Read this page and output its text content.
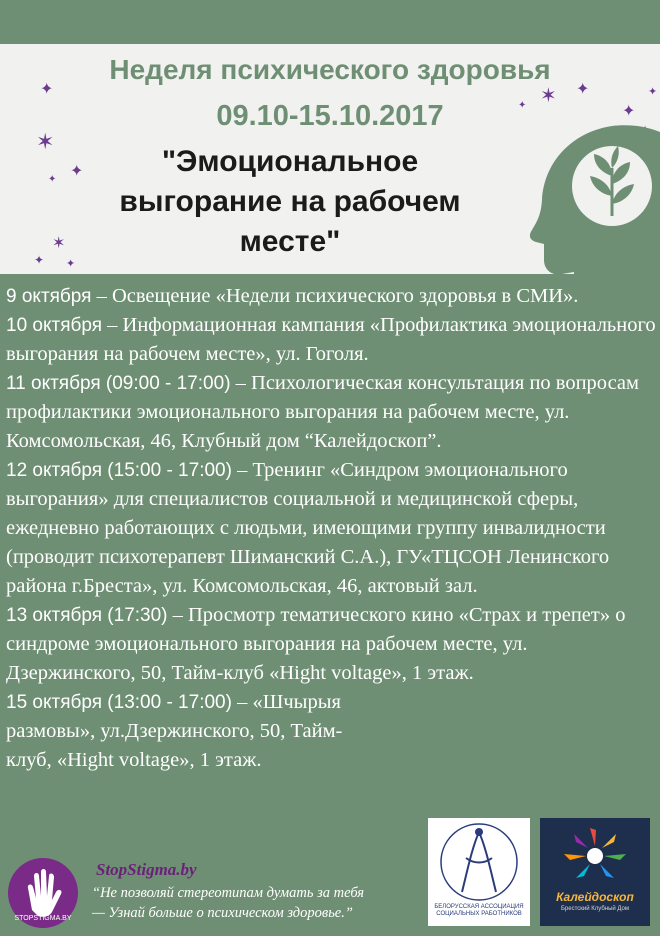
Неделя психического здоровья
09.10-15.10.2017
"Эмоциональное
выгорание на рабочем
месте"
✦
✶
✦
✦
✶
✦ ✦
✶ ✦
✦	✦
✦

9 октября – Освещение «Недели психического здоровья в СМИ».

10 октября – Информационная кампания «Профилактика эмоционального выгорания на рабочем месте», ул. Гоголя.

11 октября (09:00 - 17:00) – Психологическая консультация по вопросам профилактики эмоционального выгорания на рабочем месте, ул. Комсомольская, 46, Клубный дом “Калейдоскоп”.

12 октября (15:00 - 17:00) – Тренинг «Синдром эмоционального выгорания» для специалистов социальной и медицинской сферы, ежедневно работающих с людьми, имеющими группу инвалидности (проводит психотерапевт Шиманский С.А.), ГУ«ТЦСОН Ленинского района г.Бреста», ул. Комсомольская, 46, актовый зал.

13 октября (17:30) – Просмотр тематического кино «Страх и трепет» о синдроме эмоционального выгорания на рабочем месте, ул. Дзержинского, 50, Тайм-клуб «Hight voltage», 1 этаж.

15 октября (13:00 - 17:00) – «Шчырыя размовы», ул.Дзержинского, 50, Тайм-клуб, «Hight voltage», 1 этаж.

STOPSTIGMA.BY
StopStigma.by
“Не позволяй стереотипам думать за тебя
— Узнай больше о психическом здоровье.”	БЕЛОРУССКАЯ АССОЦИАЦИЯ СОЦИАЛЬНЫХ РАБОТНИКОВ
Калейдоскоп
Брестский Клубный Дом
